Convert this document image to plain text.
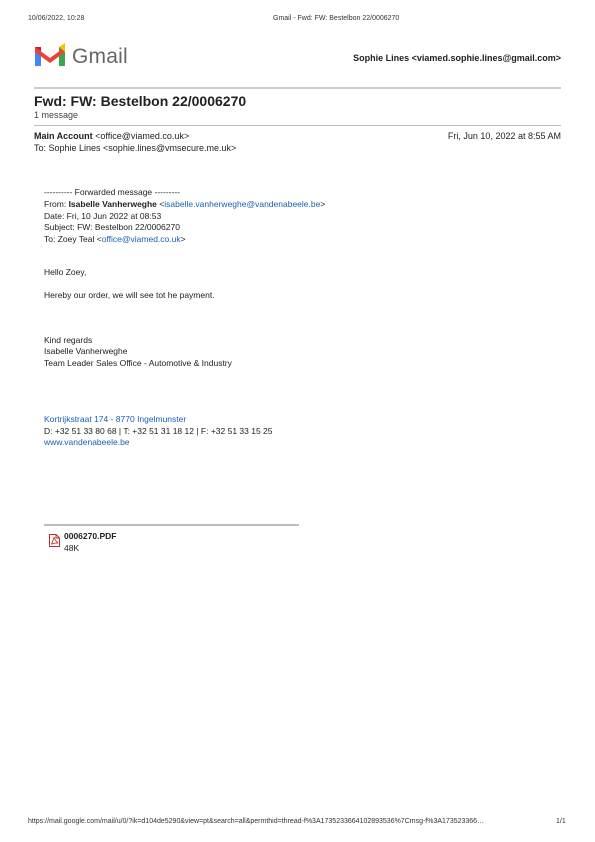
10/06/2022, 10:28	Gmail - Fwd: FW: Bestelbon 22/0006270
Gmail	Sophie Lines <viamed.sophie.lines@gmail.com>
Fwd: FW: Bestelbon 22/0006270
1 message
Main Account <office@viamed.co.uk>	Fri, Jun 10, 2022 at 8:55 AM
To: Sophie Lines <sophie.lines@vmsecure.me.uk>
---------- Forwarded message ---------
From: Isabelle Vanherweghe <isabelle.vanherweghe@vandenabeele.be>
Date: Fri, 10 Jun 2022 at 08:53
Subject: FW: Bestelbon 22/0006270
To: Zoey Teal <office@viamed.co.uk>
Hello Zoey,
Hereby our order, we will see tot he payment.
Kind regards
Isabelle Vanherweghe
Team Leader Sales Office - Automotive & Industry
Kortrijkstraat 174 - 8770 Ingelmunster
D: +32 51 33 80 68 | T: +32 51 31 18 12 | F: +32 51 33 15 25
www.vandenabeele.be
0006270.PDF
48K
https://mail.google.com/mail/u/0/?ik=d104de5290&view=pt&search=all&permthid=thread-f%3A1735233664102893536%7Cmsg-f%3A173523366…	1/1
